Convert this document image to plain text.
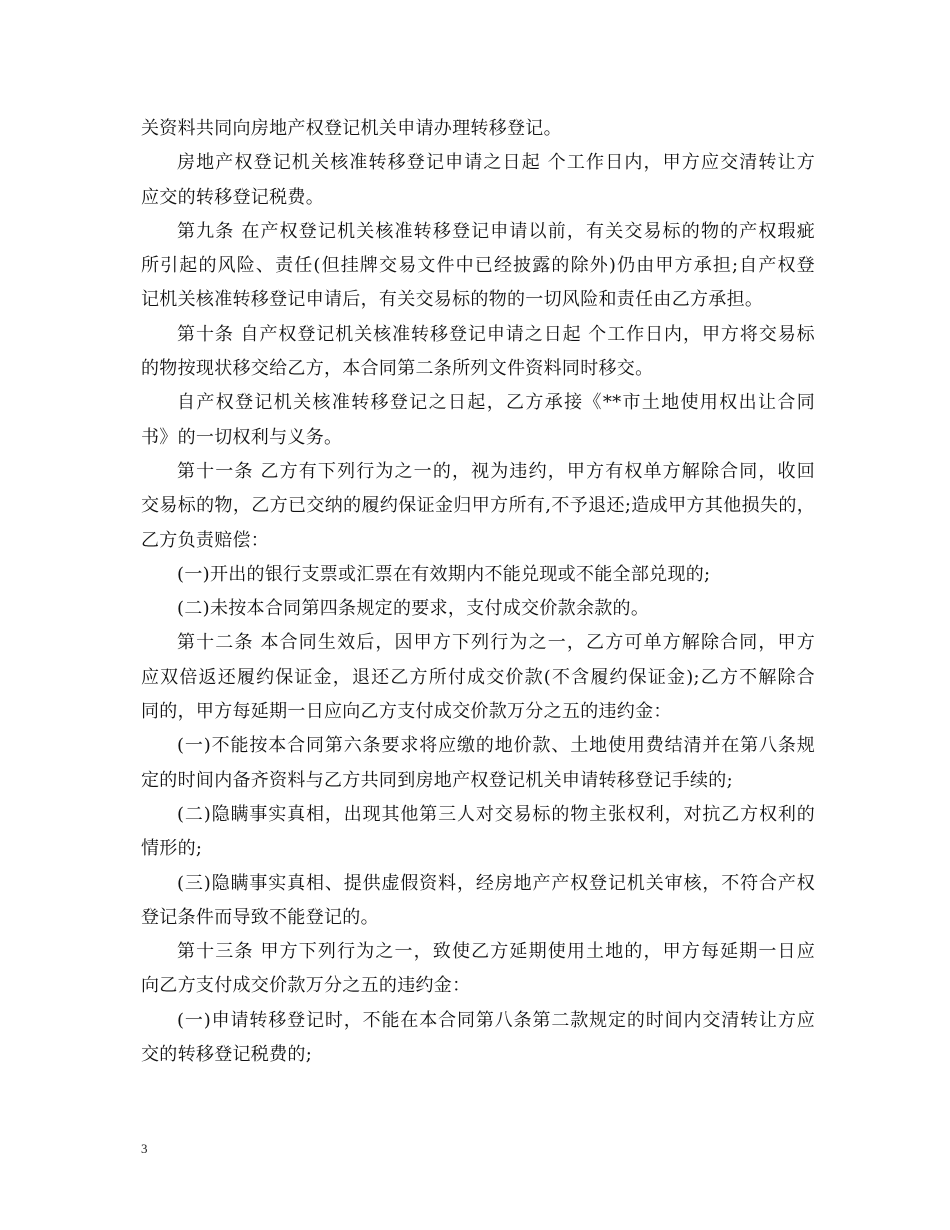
关资料共同向房地产权登记机关申请办理转移登记。

房地产权登记机关核准转移登记申请之日起 个工作日内，甲方应交清转让方
应交的转移登记税费。

第九条 在产权登记机关核准转移登记申请以前，有关交易标的物的产权瑕疵
所引起的风险、责任(但挂牌交易文件中已经披露的除外)仍由甲方承担;自产权登
记机关核准转移登记申请后，有关交易标的物的一切风险和责任由乙方承担。

第十条 自产权登记机关核准转移登记申请之日起 个工作日内，甲方将交易标
的物按现状移交给乙方，本合同第二条所列文件资料同时移交。

自产权登记机关核准转移登记之日起，乙方承接《**市土地使用权出让合同
书》的一切权利与义务。

第十一条 乙方有下列行为之一的，视为违约，甲方有权单方解除合同，收回
交易标的物，乙方已交纳的履约保证金归甲方所有,不予退还;造成甲方其他损失的，
乙方负责赔偿：

(一)开出的银行支票或汇票在有效期内不能兑现或不能全部兑现的;

(二)未按本合同第四条规定的要求，支付成交价款余款的。

第十二条 本合同生效后，因甲方下列行为之一，乙方可单方解除合同，甲方
应双倍返还履约保证金，退还乙方所付成交价款(不含履约保证金);乙方不解除合
同的，甲方每延期一日应向乙方支付成交价款万分之五的违约金：

(一)不能按本合同第六条要求将应缴的地价款、土地使用费结清并在第八条规
定的时间内备齐资料与乙方共同到房地产权登记机关申请转移登记手续的;

(二)隐瞒事实真相，出现其他第三人对交易标的物主张权利，对抗乙方权利的
情形的;

(三)隐瞒事实真相、提供虚假资料，经房地产产权登记机关审核，不符合产权
登记条件而导致不能登记的。

第十三条 甲方下列行为之一，致使乙方延期使用土地的，甲方每延期一日应
向乙方支付成交价款万分之五的违约金：

(一)申请转移登记时，不能在本合同第八条第二款规定的时间内交清转让方应
交的转移登记税费的;

3
